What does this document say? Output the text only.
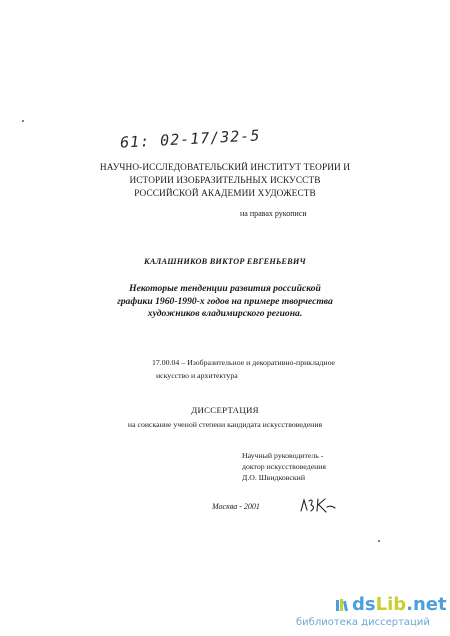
61: 02-17/32-5
НАУЧНО-ИССЛЕДОВАТЕЛЬСКИЙ ИНСТИТУТ ТЕОРИИ И
ИСТОРИИ ИЗОБРАЗИТЕЛЬНЫХ ИСКУССТВ
РОССИЙСКОЙ АКАДЕМИИ ХУДОЖЕСТВ
на правах рукописи
КАЛАШНИКОВ ВИКТОР ЕВГЕНЬЕВИЧ
Некоторые тенденции развития российской
графики 1960-1990-х годов на примере творчества
художников владимирского региона.
17.00.04 – Изобразительное и декоративно-прикладное
искусство и архитектура
ДИССЕРТАЦИЯ
на соискание ученой степени кандидата искусствоведения
Научный руководитель -
доктор искусствоведения
Д.О. Швидковский
Москва - 2001
dsLib.net
библиотека диссертаций
